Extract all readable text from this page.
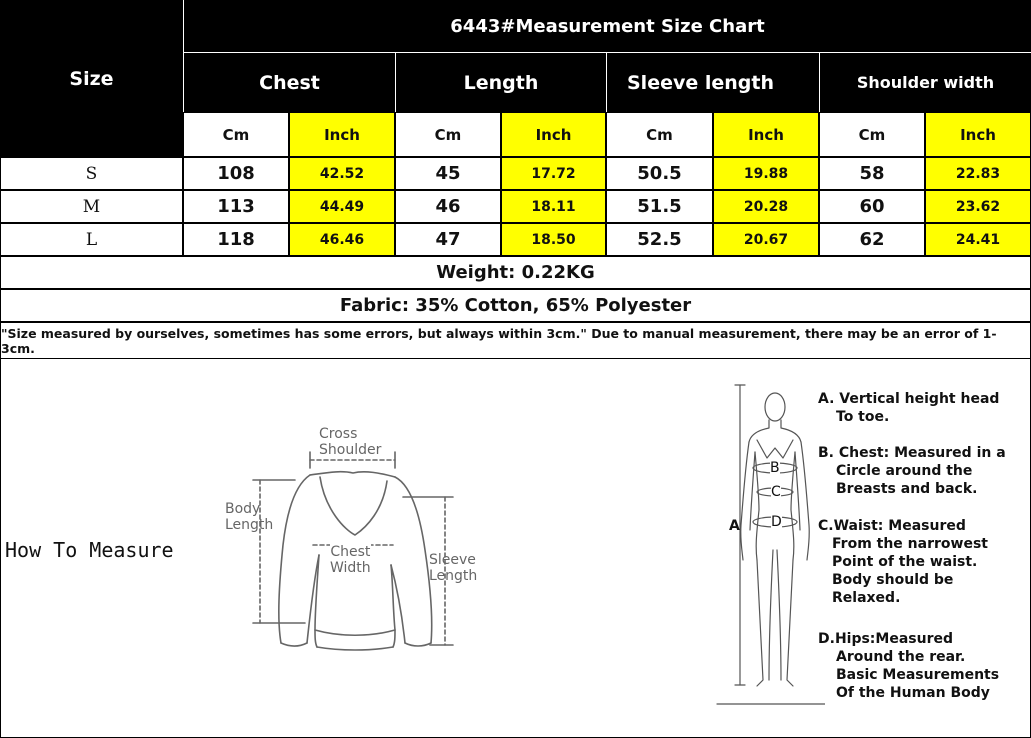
Size
6443#Measurement Size Chart
Chest	Length	Sleeve length	Shoulder width
Cm	Inch	Cm	Inch	Cm	Inch	Cm	Inch
S	108	42.52	45	17.72	50.5	19.88	58	22.83
M	113	44.49	46	18.11	51.5	20.28	60	23.62
L	118	46.46	47	18.50	52.5	20.67	62	24.41
Weight: 0.22KG
Fabric: 35% Cotton, 65% Polyester
"Size measured by ourselves, sometimes has some errors, but always within 3cm." Due to manual measurement, there may be an error of 1-3cm.
How To Measure
Cross
Shoulder
Body
Length
Chest
Width	Sleeve
Length
A
B
C
D
A. Vertical height head
To toe.
B. Chest: Measured in a
Circle around the
Breasts and back.
C.Waist: Measured
From the narrowest
Point of the waist.
Body should be
Relaxed.
D.Hips:Measured
Around the rear.
Basic Measurements
Of the Human Body
